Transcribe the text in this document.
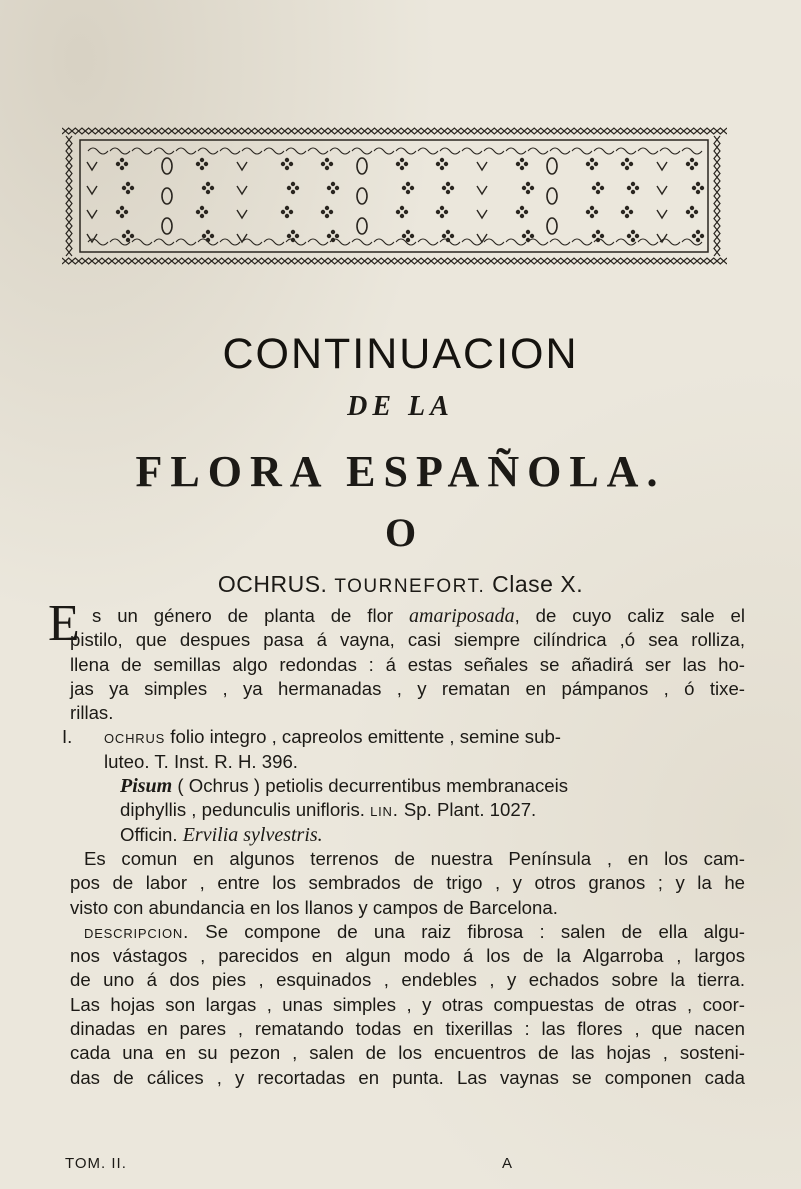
CONTINUACION
DE LA
FLORA ESPAÑOLA.
O
OCHRUS. TOURNEFORT. Clase X.
E s un género de planta de flor amariposada, de cuyo caliz sale el
pistilo, que despues pasa á vayna, casi siempre cilíndrica ,ó sea rolliza,
llena de semillas algo redondas : á estas señales se añadirá ser las ho-
jas ya simples , ya hermanadas , y rematan en pámpanos , ó tixe-
rillas.
I. ochrus folio integro , capreolos emittente , semine sub-
luteo. T. Inst. R. H. 396.
Pisum ( Ochrus ) petiolis decurrentibus membranaceis
diphyllis , pedunculis unifloris. lin. Sp. Plant. 1027.
Officin. Ervilia sylvestris.
Es comun en algunos terrenos de nuestra Península , en los cam-
pos de labor , entre los sembrados de trigo , y otros granos ; y la he
visto con abundancia en los llanos y campos de Barcelona.
descripcion. Se compone de una raiz fibrosa : salen de ella algu-
nos vástagos , parecidos en algun modo á los de la Algarroba , largos
de uno á dos pies , esquinados , endebles , y echados sobre la tierra.
Las hojas son largas , unas simples , y otras compuestas de otras , coor-
dinadas en pares , rematando todas en tixerillas : las flores , que nacen
cada una en su pezon , salen de los encuentros de las hojas , sosteni-
das de cálices , y recortadas en punta. Las vaynas se componen cada
TOM. II.	A
